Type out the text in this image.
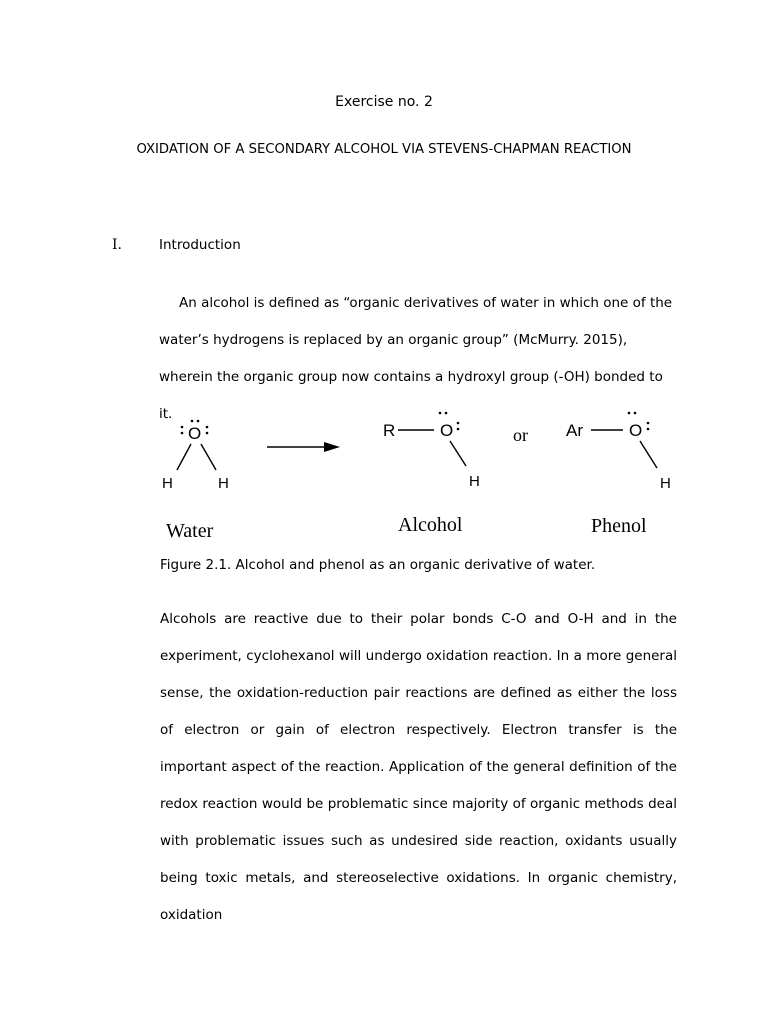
Exercise no. 2
OXIDATION OF A SECONDARY ALCOHOL VIA STEVENS-CHAPMAN REACTION
I.	Introduction

An alcohol is defined as “organic derivatives of water in which one of the water’s hydrogens is replaced by an organic group” (McMurry. 2015), wherein the organic group now contains a hydroxyl group (-OH) bonded to it.

O
H	H
Water
R	O
H
Alcohol
or Ar	O
H
Phenol
Figure 2.1. Alcohol and phenol as an organic derivative of water.

Alcohols are reactive due to their polar bonds C-O and O-H and in the experiment, cyclohexanol will undergo oxidation reaction. In a more general sense, the oxidation-reduction pair reactions are defined as either the loss of electron or gain of electron respectively. Electron transfer is the important aspect of the reaction. Application of the general definition of the redox reaction would be problematic since majority of organic methods deal with problematic issues such as undesired side reaction, oxidants usually being toxic metals, and stereoselective oxidations. In organic chemistry, oxidation
